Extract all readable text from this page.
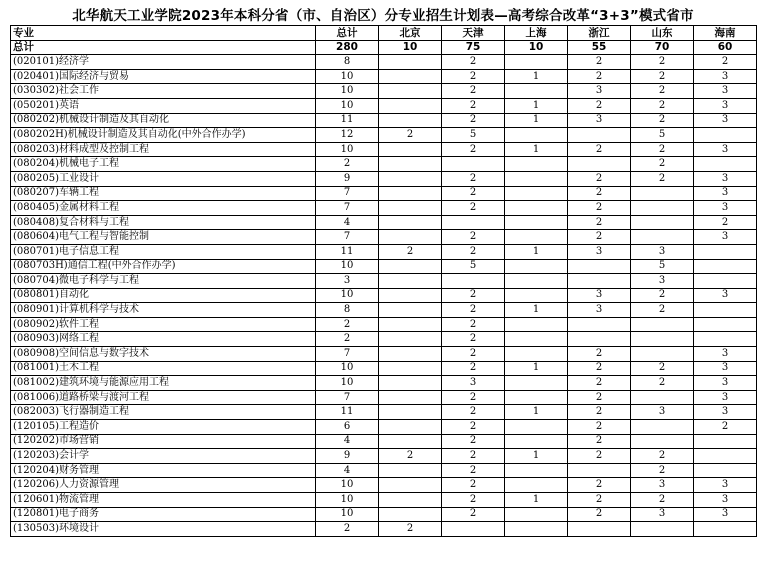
北华航天工业学院2023年本科分省（市、自治区）分专业招生计划表—高考综合改革“3+3”模式省市
专业	总计	北京	天津	上海	浙江	山东	海南
总计	280	10	75	10	55	70	60
(020101)经济学	8		2		2	2	2
(020401)国际经济与贸易	10		2	1	2	2	3
(030302)社会工作	10		2		3	2	3
(050201)英语	10		2	1	2	2	3
(080202)机械设计制造及其自动化	11		2	1	3	2	3
(080202H)机械设计制造及其自动化(中外合作办学)	12	2	5			5	
(080203)材料成型及控制工程	10		2	1	2	2	3
(080204)机械电子工程	2					2	
(080205)工业设计	9		2		2	2	3
(080207)车辆工程	7		2		2		3
(080405)金属材料工程	7		2		2		3
(080408)复合材料与工程	4				2		2
(080604)电气工程与智能控制	7		2		2		3
(080701)电子信息工程	11	2	2	1	3	3	
(080703H)通信工程(中外合作办学)	10		5			5	
(080704)微电子科学与工程	3					3	
(080801)自动化	10		2		3	2	3
(080901)计算机科学与技术	8		2	1	3	2	
(080902)软件工程	2		2				
(080903)网络工程	2		2				
(080908)空间信息与数字技术	7		2		2		3
(081001)土木工程	10		2	1	2	2	3
(081002)建筑环境与能源应用工程	10		3		2	2	3
(081006)道路桥梁与渡河工程	7		2		2		3
(082003)飞行器制造工程	11		2	1	2	3	3
(120105)工程造价	6		2		2		2
(120202)市场营销	4		2		2		
(120203)会计学	9	2	2	1	2	2	
(120204)财务管理	4		2			2	
(120206)人力资源管理	10		2		2	3	3
(120601)物流管理	10		2	1	2	2	3
(120801)电子商务	10		2		2	3	3
(130503)环境设计	2	2					
